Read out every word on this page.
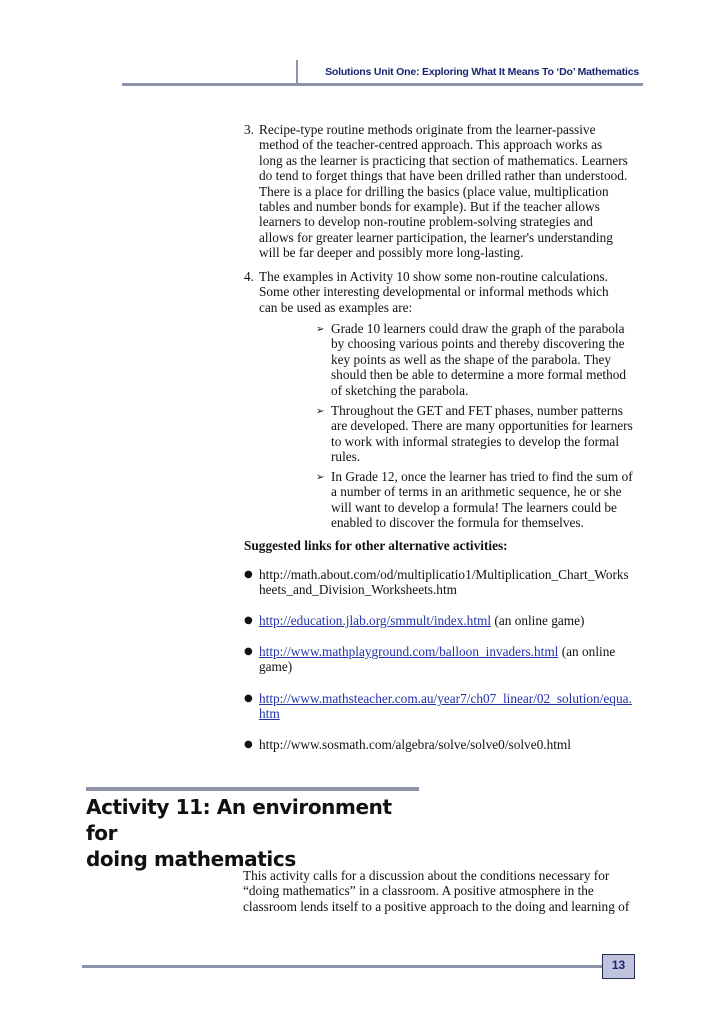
Solutions Unit One: Exploring What It Means To ‘Do’ Mathematics
3. Recipe-type routine methods originate from the learner-passive
method of the teacher-centred approach. This approach works as
long as the learner is practicing that section of mathematics. Learners
do tend to forget things that have been drilled rather than understood.
There is a place for drilling the basics (place value, multiplication
tables and number bonds for example). But if the teacher allows
learners to develop non-routine problem-solving strategies and
allows for greater learner participation, the learner's understanding
will be far deeper and possibly more long-lasting.
4. The examples in Activity 10 show some non-routine calculations.
Some other interesting developmental or informal methods which
can be used as examples are:
➢ Grade 10 learners could draw the graph of the parabola
by choosing various points and thereby discovering the
key points as well as the shape of the parabola. They
should then be able to determine a more formal method
of sketching the parabola.
➢ Throughout the GET and FET phases, number patterns
are developed. There are many opportunities for learners
to work with informal strategies to develop the formal
rules.
➢ In Grade 12, once the learner has tried to find the sum of
a number of terms in an arithmetic sequence, he or she
will want to develop a formula! The learners could be
enabled to discover the formula for themselves.
Suggested links for other alternative activities:
● http://math.about.com/od/multiplicatio1/Multiplication_Chart_Works
heets_and_Division_Worksheets.htm
● http://education.jlab.org/smmult/index.html (an online game)
● http://www.mathplayground.com/balloon_invaders.html (an online
game)
● http://www.mathsteacher.com.au/year7/ch07_linear/02_solution/equa.
htm
● http://www.sosmath.com/algebra/solve/solve0/solve0.html
Activity 11: An environment for
doing mathematics
This activity calls for a discussion about the conditions necessary for
“doing mathematics” in a classroom. A positive atmosphere in the
classroom lends itself to a positive approach to the doing and learning of
13
